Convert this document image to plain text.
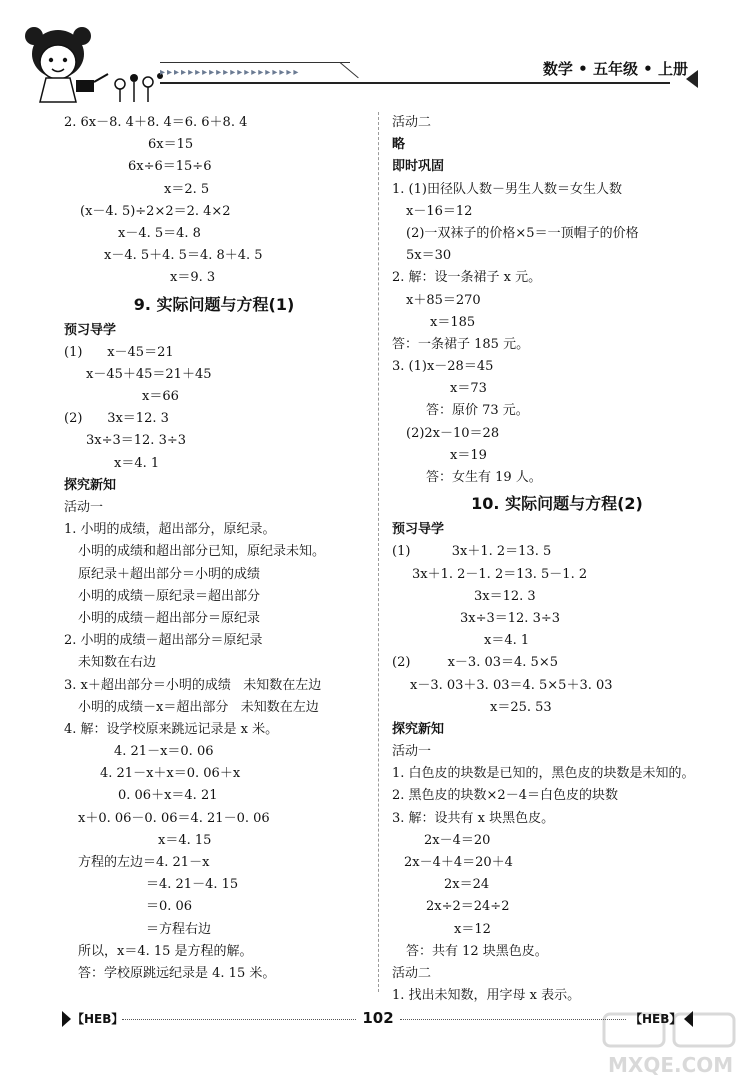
▸▸▸▸▸▸▸▸▸▸▸▸▸▸▸▸▸▸▸▸	数学 • 五年级 • 上册
2. 6x－8. 4＋8. 4＝6. 6＋8. 4
6x＝15
6x÷6＝15÷6
x＝2. 5
(x－4. 5)÷2×2＝2. 4×2
x－4. 5＝4. 8
x－4. 5＋4. 5＝4. 8＋4. 5
x＝9. 3
9. 实际问题与方程(1)
预习导学
(1)      x－45＝21
x－45＋45＝21＋45
x＝66
(2)      3x＝12. 3
3x÷3＝12. 3÷3
x＝4. 1
探究新知
活动一
1. 小明的成绩，超出部分，原纪录。
小明的成绩和超出部分已知，原纪录未知。
原纪录＋超出部分＝小明的成绩
小明的成绩－原纪录＝超出部分
小明的成绩－超出部分＝原纪录
2. 小明的成绩－超出部分＝原纪录
未知数在右边
3. x＋超出部分＝小明的成绩   未知数在左边
小明的成绩－x＝超出部分   未知数在左边
4. 解：设学校原来跳远记录是 x 米。
4. 21－x＝0. 06
4. 21－x＋x＝0. 06＋x
0. 06＋x＝4. 21
x＋0. 06－0. 06＝4. 21－0. 06
x＝4. 15
方程的左边＝4. 21－x
＝4. 21－4. 15
＝0. 06
＝方程右边
所以，x＝4. 15 是方程的解。
答：学校原跳远纪录是 4. 15 米。
活动二
略
即时巩固
1. (1)田径队人数－男生人数＝女生人数
x－16＝12
(2)一双袜子的价格×5＝一顶帽子的价格
5x＝30
2. 解：设一条裙子 x 元。
x＋85＝270
x＝185
答：一条裙子 185 元。
3. (1)x－28＝45
x＝73
答：原价 73 元。
(2)2x－10＝28
x＝19
答：女生有 19 人。
10. 实际问题与方程(2)
预习导学
(1)          3x＋1. 2＝13. 5
3x＋1. 2－1. 2＝13. 5－1. 2
3x＝12. 3
3x÷3＝12. 3÷3
x＝4. 1
(2)         x－3. 03＝4. 5×5
x－3. 03＋3. 03＝4. 5×5＋3. 03
x＝25. 53
探究新知
活动一
1. 白色皮的块数是已知的，黑色皮的块数是未知的。
2. 黑色皮的块数×2－4＝白色皮的块数
3. 解：设共有 x 块黑色皮。
2x－4＝20
2x－4＋4＝20＋4
2x＝24
2x÷2＝24÷2
x＝12
答：共有 12 块黑色皮。
活动二
1. 找出未知数，用字母 x 表示。
【HEB】	102	【HEB】
MXQE.COM
